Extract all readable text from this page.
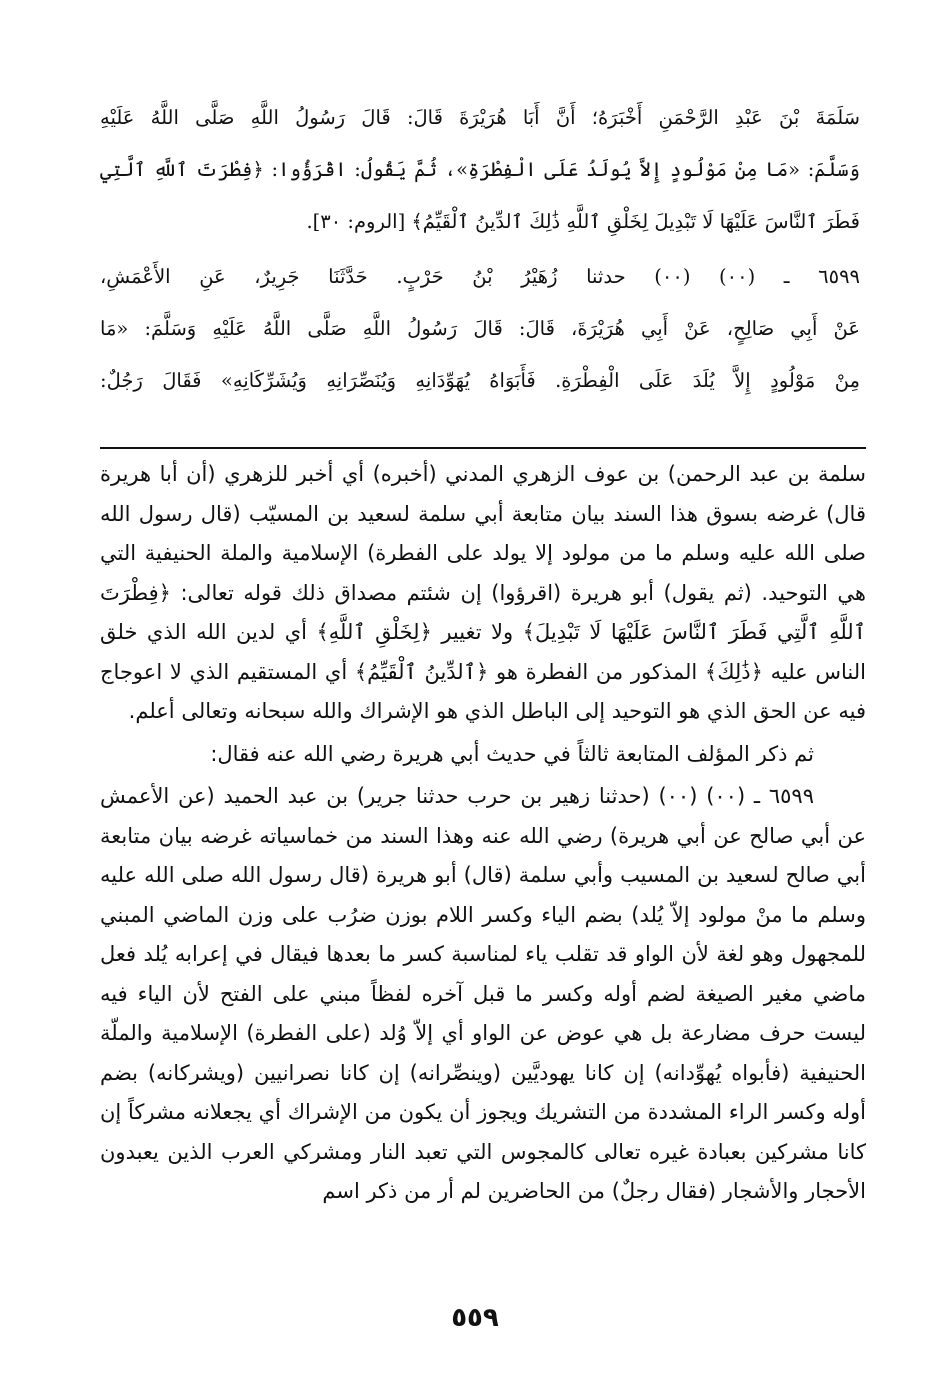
سَلَمَةَ بْنَ عَبْدِ الرَّحْمَنِ أَخْبَرَهُ؛ أَنَّ أَبَا هُرَيْرَةَ قَالَ: قَالَ رَسُولُ اللَّهِ صَلَّى اللَّهُ عَلَيْهِ
وَسَلَّمَ: «مَا مِنْ مَوْلُودٍ إِلاَّ يُولَدُ عَلَى الْفِطْرَةِ»، ثُمَّ يَقُولُ: اقْرَؤُوا: ﴿فِطْرَتَ ٱللَّهِ ٱلَّتِي
فَطَرَ ٱلنَّاسَ عَلَيْهَا لَا تَبْدِيلَ لِخَلْقِ ٱللَّهِ ذَٰلِكَ ٱلدِّينُ ٱلْقَيِّمُ﴾ [الروم: ٣٠].
٦٥٩٩ ـ (٠٠) (٠٠) حدثنا زُهَيْرُ بْنُ حَرْبٍ. حَدَّثَنَا جَرِيرٌ، عَنِ الأَعْمَشِ،
عَنْ أَبِي صَالِحٍ، عَنْ أَبِي هُرَيْرَةَ، قَالَ: قَالَ رَسُولُ اللَّهِ صَلَّى اللَّهُ عَلَيْهِ وَسَلَّمَ: «مَا
مِنْ مَوْلُودٍ إِلاَّ يُلَدَ عَلَى الْفِطْرَةِ. فَأَبَوَاهُ يُهَوِّدَانِهِ وَيُنَصِّرَانِهِ وَيُشَرِّكَانِهِ» فَقَالَ رَجُلٌ:

سلمة بن عبد الرحمن) بن عوف الزهري المدني (أخبره) أي أخبر للزهري (أن أبا هريرة قال) غرضه بسوق هذا السند بيان متابعة أبي سلمة لسعيد بن المسيّب (قال رسول الله صلى الله عليه وسلم ما من مولود إلا يولد على الفطرة) الإسلامية والملة الحنيفية التي هي التوحيد. (ثم يقول) أبو هريرة (اقرؤوا) إن شئتم مصداق ذلك قوله تعالى: ﴿فِطْرَتَ ٱللَّهِ ٱلَّتِي فَطَرَ ٱلنَّاسَ عَلَيْهَا لَا تَبْدِيلَ﴾ ولا تغيير ﴿لِخَلْقِ ٱللَّهِ﴾ أي لدين الله الذي خلق الناس عليه ﴿ذَٰلِكَ﴾ المذكور من الفطرة هو ﴿ٱلدِّينُ ٱلْقَيِّمُ﴾ أي المستقيم الذي لا اعوجاج فيه عن الحق الذي هو التوحيد إلى الباطل الذي هو الإشراك والله سبحانه وتعالى أعلم.

ثم ذكر المؤلف المتابعة ثالثاً في حديث أبي هريرة رضي الله عنه فقال:

٦٥٩٩ ـ (٠٠) (٠٠) (حدثنا زهير بن حرب حدثنا جرير) بن عبد الحميد (عن الأعمش عن أبي صالح عن أبي هريرة) رضي الله عنه وهذا السند من خماسياته غرضه بيان متابعة أبي صالح لسعيد بن المسيب وأبي سلمة (قال) أبو هريرة (قال رسول الله صلى الله عليه وسلم ما منْ مولود إلاّ يُلد) بضم الياء وكسر اللام بوزن ضرُب على وزن الماضي المبني للمجهول وهو لغة لأن الواو قد تقلب ياء لمناسبة كسر ما بعدها فيقال في إعرابه يُلد فعل ماضي مغير الصيغة لضم أوله وكسر ما قبل آخره لفظاً مبني على الفتح لأن الياء فيه ليست حرف مضارعة بل هي عوض عن الواو أي إلاّ وُلد (على الفطرة) الإسلامية والملّة الحنيفية (فأبواه يُهوِّدانه) إن كانا يهوديَّين (وينصِّرانه) إن كانا نصرانيين (ويشركانه) بضم أوله وكسر الراء المشددة من التشريك ويجوز أن يكون من الإشراك أي يجعلانه مشركاً إن كانا مشركين بعبادة غيره تعالى كالمجوس التي تعبد النار ومشركي العرب الذين يعبدون الأحجار والأشجار (فقال رجلٌ) من الحاضرين لم أر من ذكر اسم

٥٥٩
